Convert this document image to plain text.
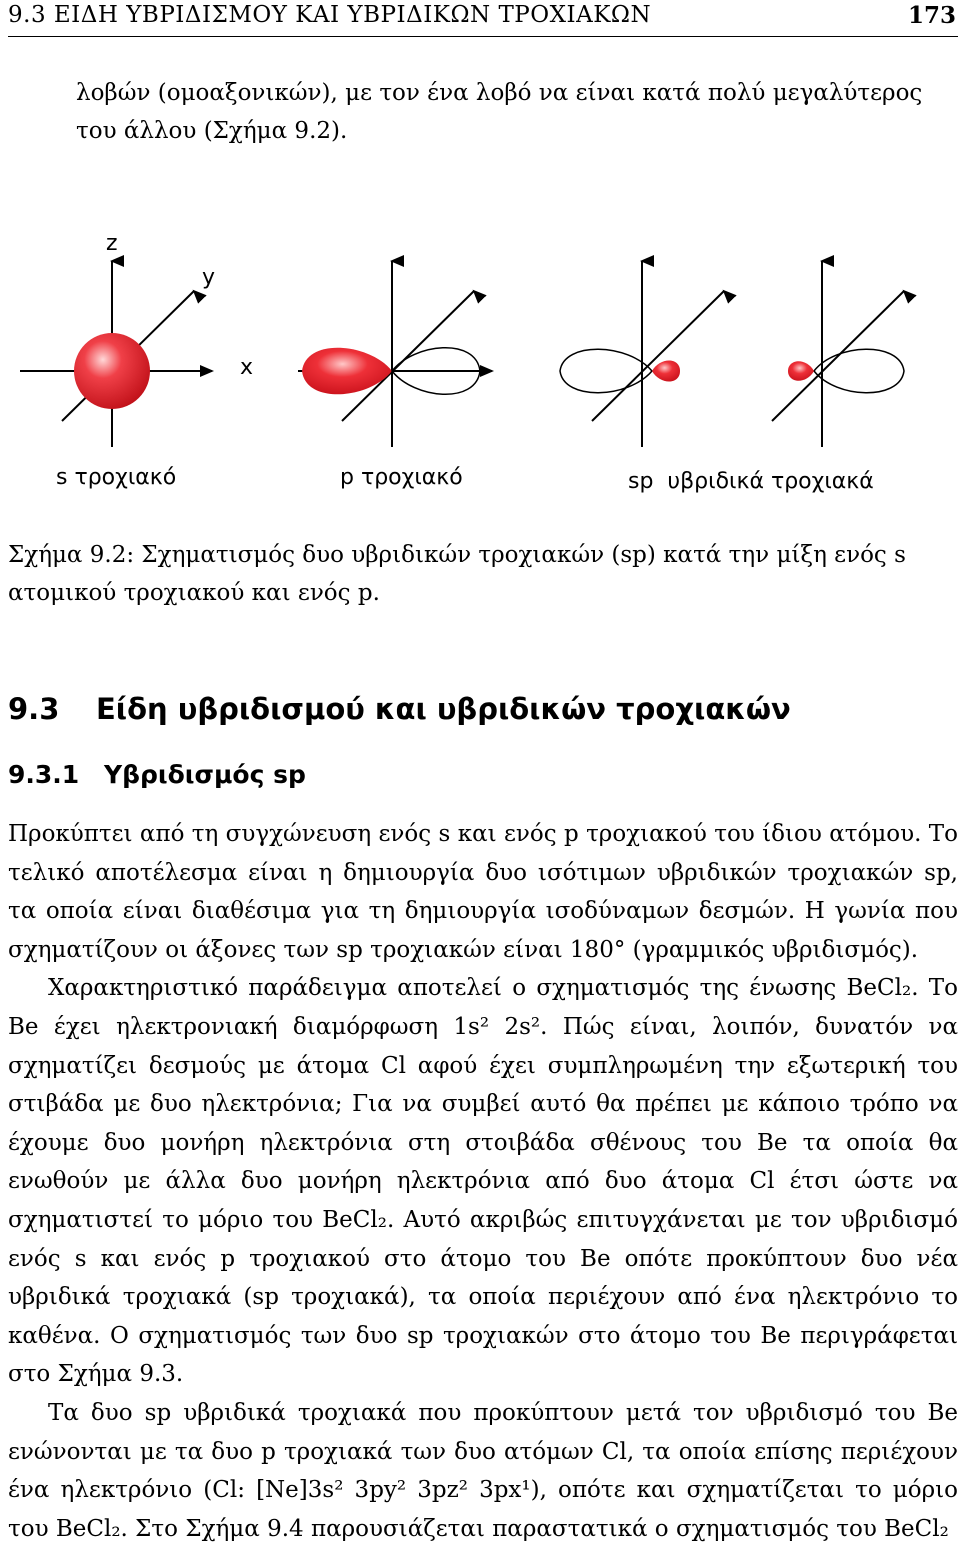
9.3 ΕΙΔΗ ΥΒΡΙΔΙΣΜΟΥ ΚΑΙ ΥΒΡΙΔΙΚΩΝ ΤΡΟΧΙΑΚΩΝ	173

λοβών (ομοαξονικών), με τον ένα λοβό να είναι κατά πολύ μεγαλύτερος

του άλλου (Σχήμα 9.2).

z
y
x
s τροχιακό	p τροχιακό	sp  υβριδικά τροχιακά

Σχήμα 9.2: Σχηματισμός δυο υβριδικών τροχιακών (sp) κατά την μίξη ενός s

ατομικού τροχιακού και ενός p.

9.3 Είδη υβριδισμού και υβριδικών τροχιακών
9.3.1 Υβριδισμός sp

Προκύπτει από τη συγχώνευση ενός s και ενός p τροχιακού του ίδιου ατόμου. Το τελικό αποτέλεσμα είναι η δημιουργία δυο ισότιμων υβριδικών τροχιακών sp, τα οποία είναι διαθέσιμα για τη δημιουργία ισοδύναμων δεσμών. Η γωνία που σχηματίζουν οι άξονες των sp τροχιακών είναι 180° (γραμμικός υβριδισμός).

Χαρακτηριστικό παράδειγμα αποτελεί ο σχηματισμός της ένωσης BeCl₂. Το Be έχει ηλεκτρονιακή διαμόρφωση 1s² 2s². Πώς είναι, λοιπόν, δυνατόν να σχηματίζει δεσμούς με άτομα Cl αφού έχει συμπληρωμένη την εξωτερική του στιβάδα με δυο ηλεκτρόνια; Για να συμβεί αυτό θα πρέπει με κάποιο τρόπο να έχουμε δυο μονήρη ηλεκτρόνια στη στοιβάδα σθένους του Be τα οποία θα ενωθούν με άλλα δυο μονήρη ηλεκτρόνια από δυο άτομα Cl έτσι ώστε να σχηματιστεί το μόριο του BeCl₂. Αυτό ακριβώς επιτυγχάνεται με τον υβριδισμό ενός s και ενός p τροχιακού στο άτομο του Be οπότε προκύπτουν δυο νέα υβριδικά τροχιακά (sp τροχιακά), τα οποία περιέχουν από ένα ηλεκτρόνιο το καθένα. Ο σχηματισμός των δυο sp τροχιακών στο άτομο του Be περιγράφεται στο Σχήμα 9.3.

Τα δυο sp υβριδικά τροχιακά που προκύπτουν μετά τον υβριδισμό του Be ενώνονται με τα δυο p τροχιακά των δυο ατόμων Cl, τα οποία επίσης περιέχουν ένα ηλεκτρόνιο (Cl: [Ne]3s² 3py² 3pz² 3px¹), οπότε και σχηματίζεται το μόριο του BeCl₂. Στο Σχήμα 9.4 παρουσιάζεται παραστατικά ο σχηματισμός του BeCl₂
